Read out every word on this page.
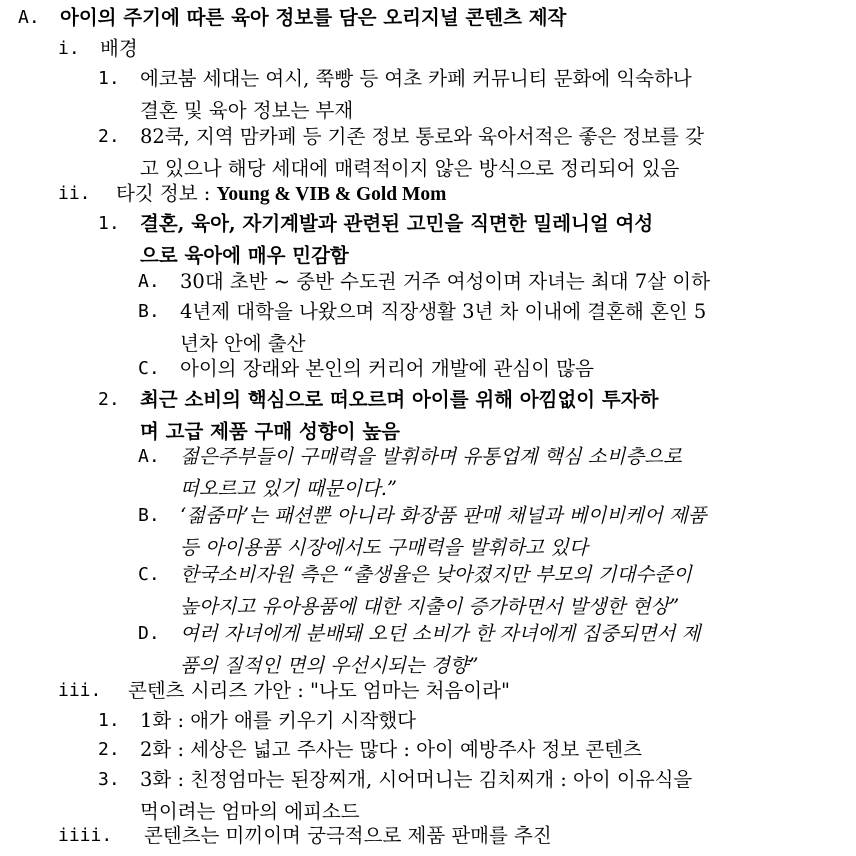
A. 아이의 주기에 따른 육아 정보를 담은 오리지널 콘텐츠 제작
i. 배경
1. 에코붐 세대는 여시, 쭉빵 등 여초 카페 커뮤니티 문화에 익숙하나
결혼 및 육아 정보는 부재
2. 82쿡, 지역 맘카페 등 기존 정보 통로와 육아서적은 좋은 정보를 갖
고 있으나 해당 세대에 매력적이지 않은 방식으로 정리되어 있음
ii. 타깃 정보 : Young & VIB & Gold Mom
1. 결혼, 육아, 자기계발과 관련된 고민을 직면한 밀레니얼 여성
으로 육아에 매우 민감함
A. 30대 초반 ~ 중반 수도권 거주 여성이며 자녀는 최대 7살 이하
B. 4년제 대학을 나왔으며 직장생활 3년 차 이내에 결혼해 혼인 5
년차 안에 출산
C. 아이의 장래와 본인의 커리어 개발에 관심이 많음
2. 최근 소비의 핵심으로 떠오르며 아이를 위해 아낌없이 투자하
며 고급 제품 구매 성향이 높음
A. 젊은주부들이 구매력을 발휘하며 유통업계 핵심 소비층으로
떠오르고 있기 때문이다.”
B. ‘젊줌마’는 패션뿐 아니라 화장품 판매 채널과 베이비케어 제품
등 아이용품 시장에서도 구매력을 발휘하고 있다
C. 한국소비자원 측은 “출생율은 낮아졌지만 부모의 기대수준이
높아지고 유아용품에 대한 지출이 증가하면서 발생한 현상”
D. 여러 자녀에게 분배돼 오던 소비가 한 자녀에게 집중되면서 제
품의 질적인 면의 우선시되는 경향”
iii. 콘텐츠 시리즈 가안 : "나도 엄마는 처음이라"
1. 1화 : 애가 애를 키우기 시작했다
2. 2화 : 세상은 넓고 주사는 많다 : 아이 예방주사 정보 콘텐츠
3. 3화 : 친정엄마는 된장찌개, 시어머니는 김치찌개 : 아이 이유식을
먹이려는 엄마의 에피소드
iiii. 콘텐츠는 미끼이며 궁극적으로 제품 판매를 추진
